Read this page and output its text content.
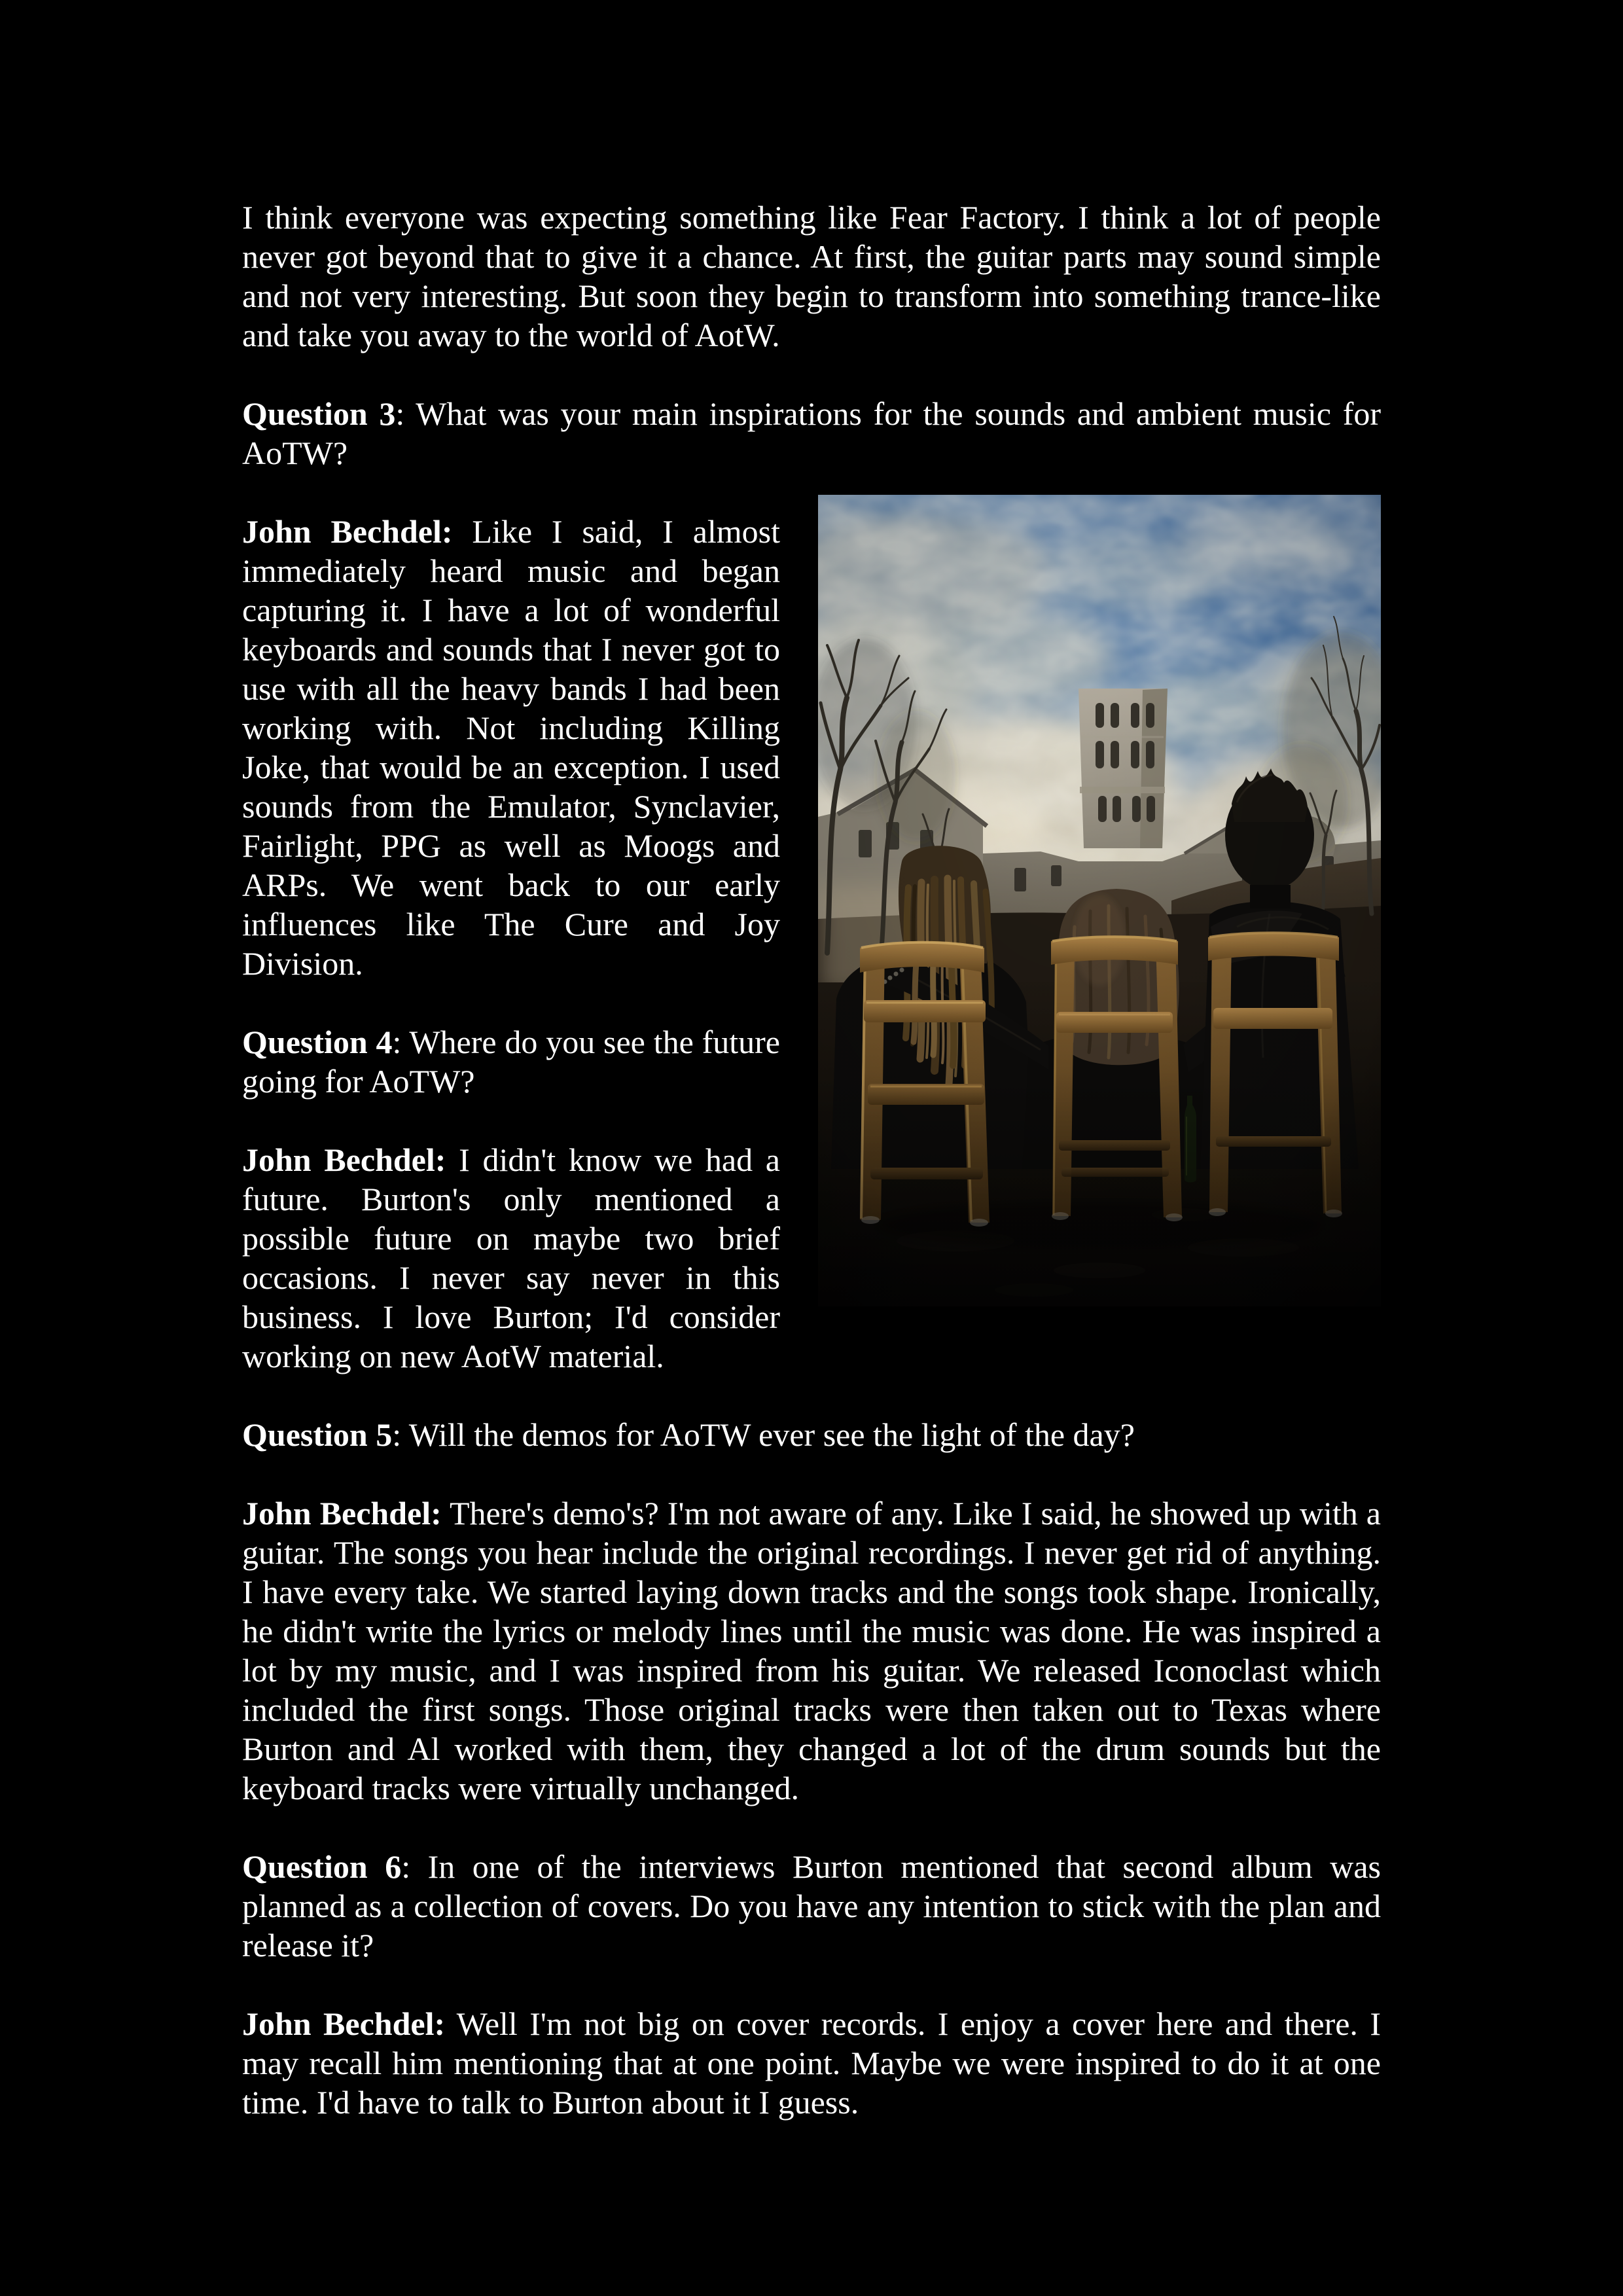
I think everyone was expecting something like Fear Factory. I think a lot of people never got beyond that to give it a chance. At first, the guitar parts may sound simple and not very interesting. But soon they begin to transform into something trance-like and take you away to the world of AotW.

Question 3: What was your main inspirations for the sounds and ambient music for AoTW?

John Bechdel: Like I said, I almost immediately heard music and began capturing it. I have a lot of wonderful keyboards and sounds that I never got to use with all the heavy bands I had been working with. Not including Killing Joke, that would be an exception. I used sounds from the Emulator, Synclavier, Fairlight, PPG as well as Moogs and ARPs. We went back to our early influences like The Cure and Joy Division.

Question 4: Where do you see the future going for AoTW?

John Bechdel: I didn't know we had a future. Burton's only mentioned a possible future on maybe two brief occasions. I never say never in this business. I love Burton; I'd consider working on new AotW material.

Question 5: Will the demos for AoTW ever see the light of the day?

John Bechdel: There's demo's? I'm not aware of any. Like I said, he showed up with a guitar. The songs you hear include the original recordings. I never get rid of anything. I have every take. We started laying down tracks and the songs took shape. Ironically, he didn't write the lyrics or melody lines until the music was done. He was inspired a lot by my music, and I was inspired from his guitar. We released Iconoclast which included the first songs. Those original tracks were then taken out to Texas where Burton and Al worked with them, they changed a lot of the drum sounds but the keyboard tracks were virtually unchanged.

Question 6: In one of the interviews Burton mentioned that second album was planned as a collection of covers. Do you have any intention to stick with the plan and release it?

John Bechdel: Well I'm not big on cover records. I enjoy a cover here and there. I may recall him mentioning that at one point. Maybe we were inspired to do it at one time. I'd have to talk to Burton about it I guess.
